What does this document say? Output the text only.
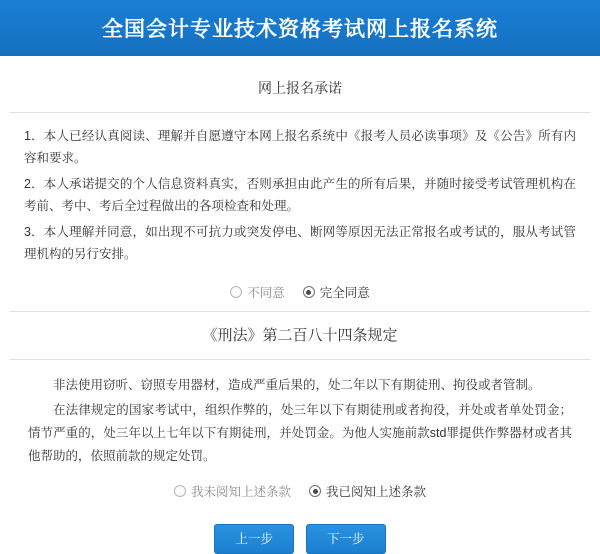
全国会计专业技术资格考试网上报名系统
网上报名承诺
1．本人已经认真阅读、理解并自愿遵守本网上报名系统中《报考人员必读事项》及《公告》所有内容和要求。
2．本人承诺提交的个人信息资料真实，否则承担由此产生的所有后果，并随时接受考试管理机构在考前、考中、考后全过程做出的各项检查和处理。
3．本人理解并同意，如出现不可抗力或突发停电、断网等原因无法正常报名或考试的，服从考试管理机构的另行安排。
不同意	完全同意
《刑法》第二百八十四条规定

非法使用窃听、窃照专用器材，造成严重后果的，处二年以下有期徒刑、拘役或者管制。

在法律规定的国家考试中，组织作弊的，处三年以下有期徒刑或者拘役，并处或者单处罚金；情节严重的，处三年以上七年以下有期徒刑，并处罚金。为他人实施前款std罪提供作弊器材或者其他帮助的，依照前款的规定处罚。

我未阅知上述条款	我已阅知上述条款
上一步	下一步
